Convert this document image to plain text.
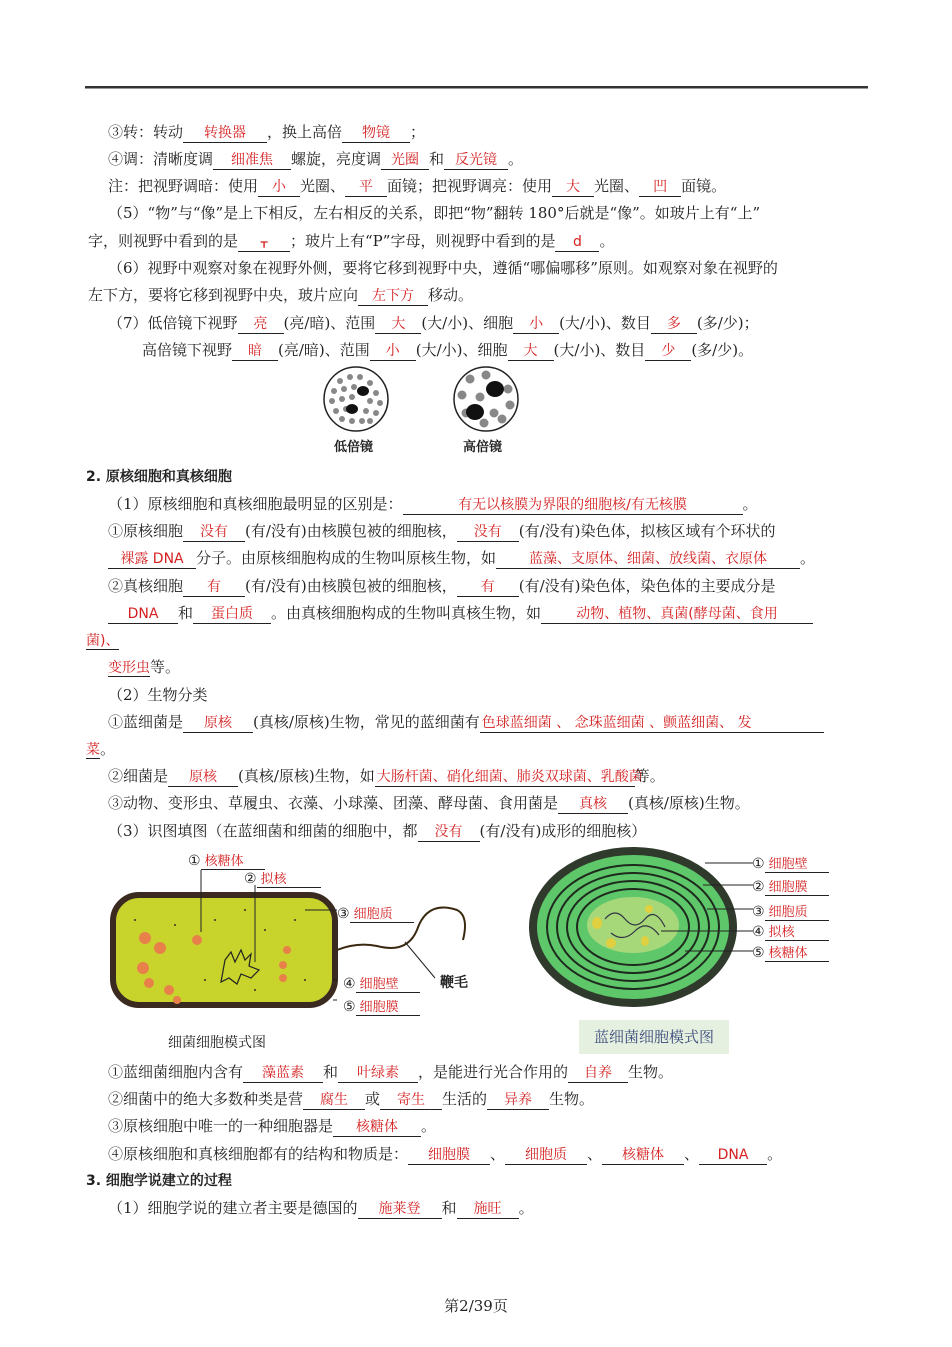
③转：转动 转换器 ，换上高倍 物镜 ；
④调：清晰度调 细准焦 螺旋，亮度调 光圈 和 反光镜 。
注：把视野调暗：使用 小 光圈、 平 面镜；把视野调亮：使用 大 光圈、 凹 面镜。
（5）“物”与“像”是上下相反，左右相反的关系，即把“物”翻转 180°后就是“像”。如玻片上有“上”
字，则视野中看到的是 ᚁ ；玻片上有“P”字母，则视野中看到的是 d 。
（6）视野中观察对象在视野外侧，要将它移到视野中央，遵循“哪偏哪移”原则。如观察对象在视野的
左下方，要将它移到视野中央，玻片应向 左下方 移动。
（7）低倍镜下视野 亮 (亮/暗)、范围 大 (大/小)、细胞 小 (大/小)、数目 多 (多/少)；
高倍镜下视野 暗 (亮/暗)、范围 小 (大/小)、细胞 大 (大/小)、数目 少 (多/少)。
低倍镜	高倍镜
2. 原核细胞和真核细胞
（1）原核细胞和真核细胞最明显的区别是：	有无以核膜为界限的细胞核/有无核膜	。
①原核细胞 没有 (有/没有)由核膜包被的细胞核， 没有 (有/没有)染色体，拟核区域有个环状的
裸露 DNA 分子。由原核细胞构成的生物叫原核生物，如 蓝藻、支原体、细菌、放线菌、衣原体 。
②真核细胞 有 (有/没有)由核膜包被的细胞核， 有 (有/没有)染色体，染色体的主要成分是
DNA 和 蛋白质 。由真核细胞构成的生物叫真核生物，如	动物、植物、真菌(酵母菌、食用
菌)、
变形虫等。
（2）生物分类
①蓝细菌是 原核 (真核/原核)生物，常见的蓝细菌有 色球蓝细菌 、 念珠蓝细菌 、颤蓝细菌、 发
菜。
②细菌是 原核 (真核/原核)生物，如 大肠杆菌、硝化细菌、肺炎双球菌、乳酸菌等。
③动物、变形虫、草履虫、衣藻、小球藻、团藻、酵母菌、食用菌是 真核 (真核/原核)生物。
（3）识图填图（在蓝细菌和细菌的细胞中，都 没有 (有/没有)成形的细胞核）
① 核糖体
② 拟核
③ 细胞质
④ 细胞壁
⑤ 细胞膜
鞭毛
细菌细胞模式图
① 细胞壁
② 细胞膜
③ 细胞质
④ 拟核
⑤ 核糖体
蓝细菌细胞模式图
①蓝细菌细胞内含有 藻蓝素 和 叶绿素 ，是能进行光合作用的 自养 生物。
②细菌中的绝大多数种类是营 腐生 或 寄生 生活的 异养 生物。
③原核细胞中唯一的一种细胞器是 核糖体 。
④原核细胞和真核细胞都有的结构和物质是： 细胞膜 、 细胞质 、 核糖体 、 DNA 。
3. 细胞学说建立的过程
（1）细胞学说的建立者主要是德国的 施莱登 和 施旺 。
第2/39页
